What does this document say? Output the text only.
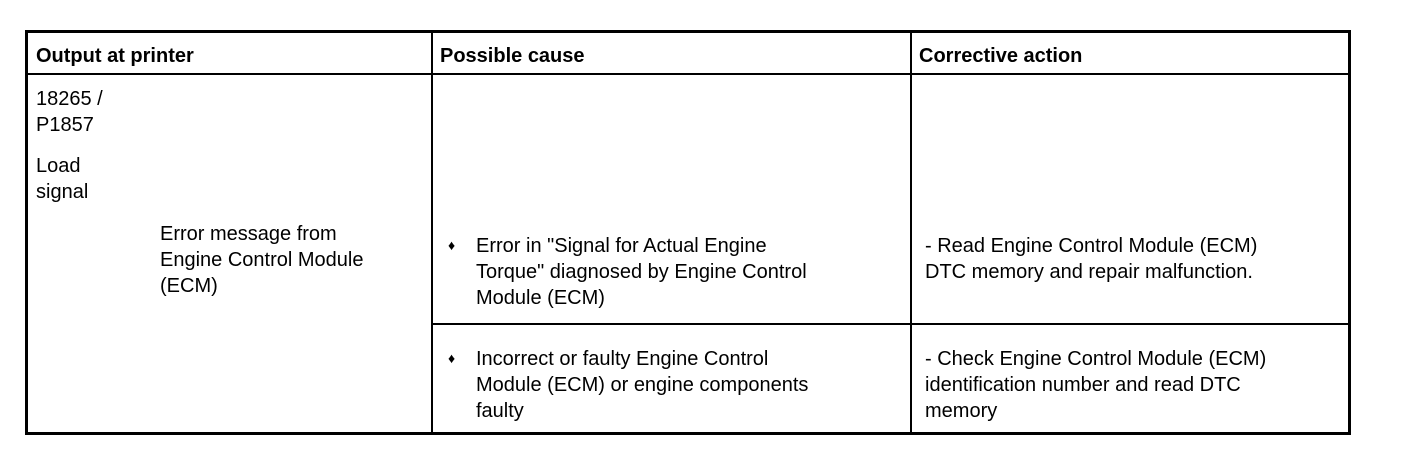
Output at printer	Possible cause	Corrective action
18265 /
P1857
Load
signal
Error message from
Engine Control Module
(ECM)
♦ Error in "Signal for Actual Engine
Torque" diagnosed by Engine Control
Module (ECM)
- Read Engine Control Module (ECM)
DTC memory and repair malfunction.
♦ Incorrect or faulty Engine Control
Module (ECM) or engine components
faulty
- Check Engine Control Module (ECM)
identification number and read DTC
memory
